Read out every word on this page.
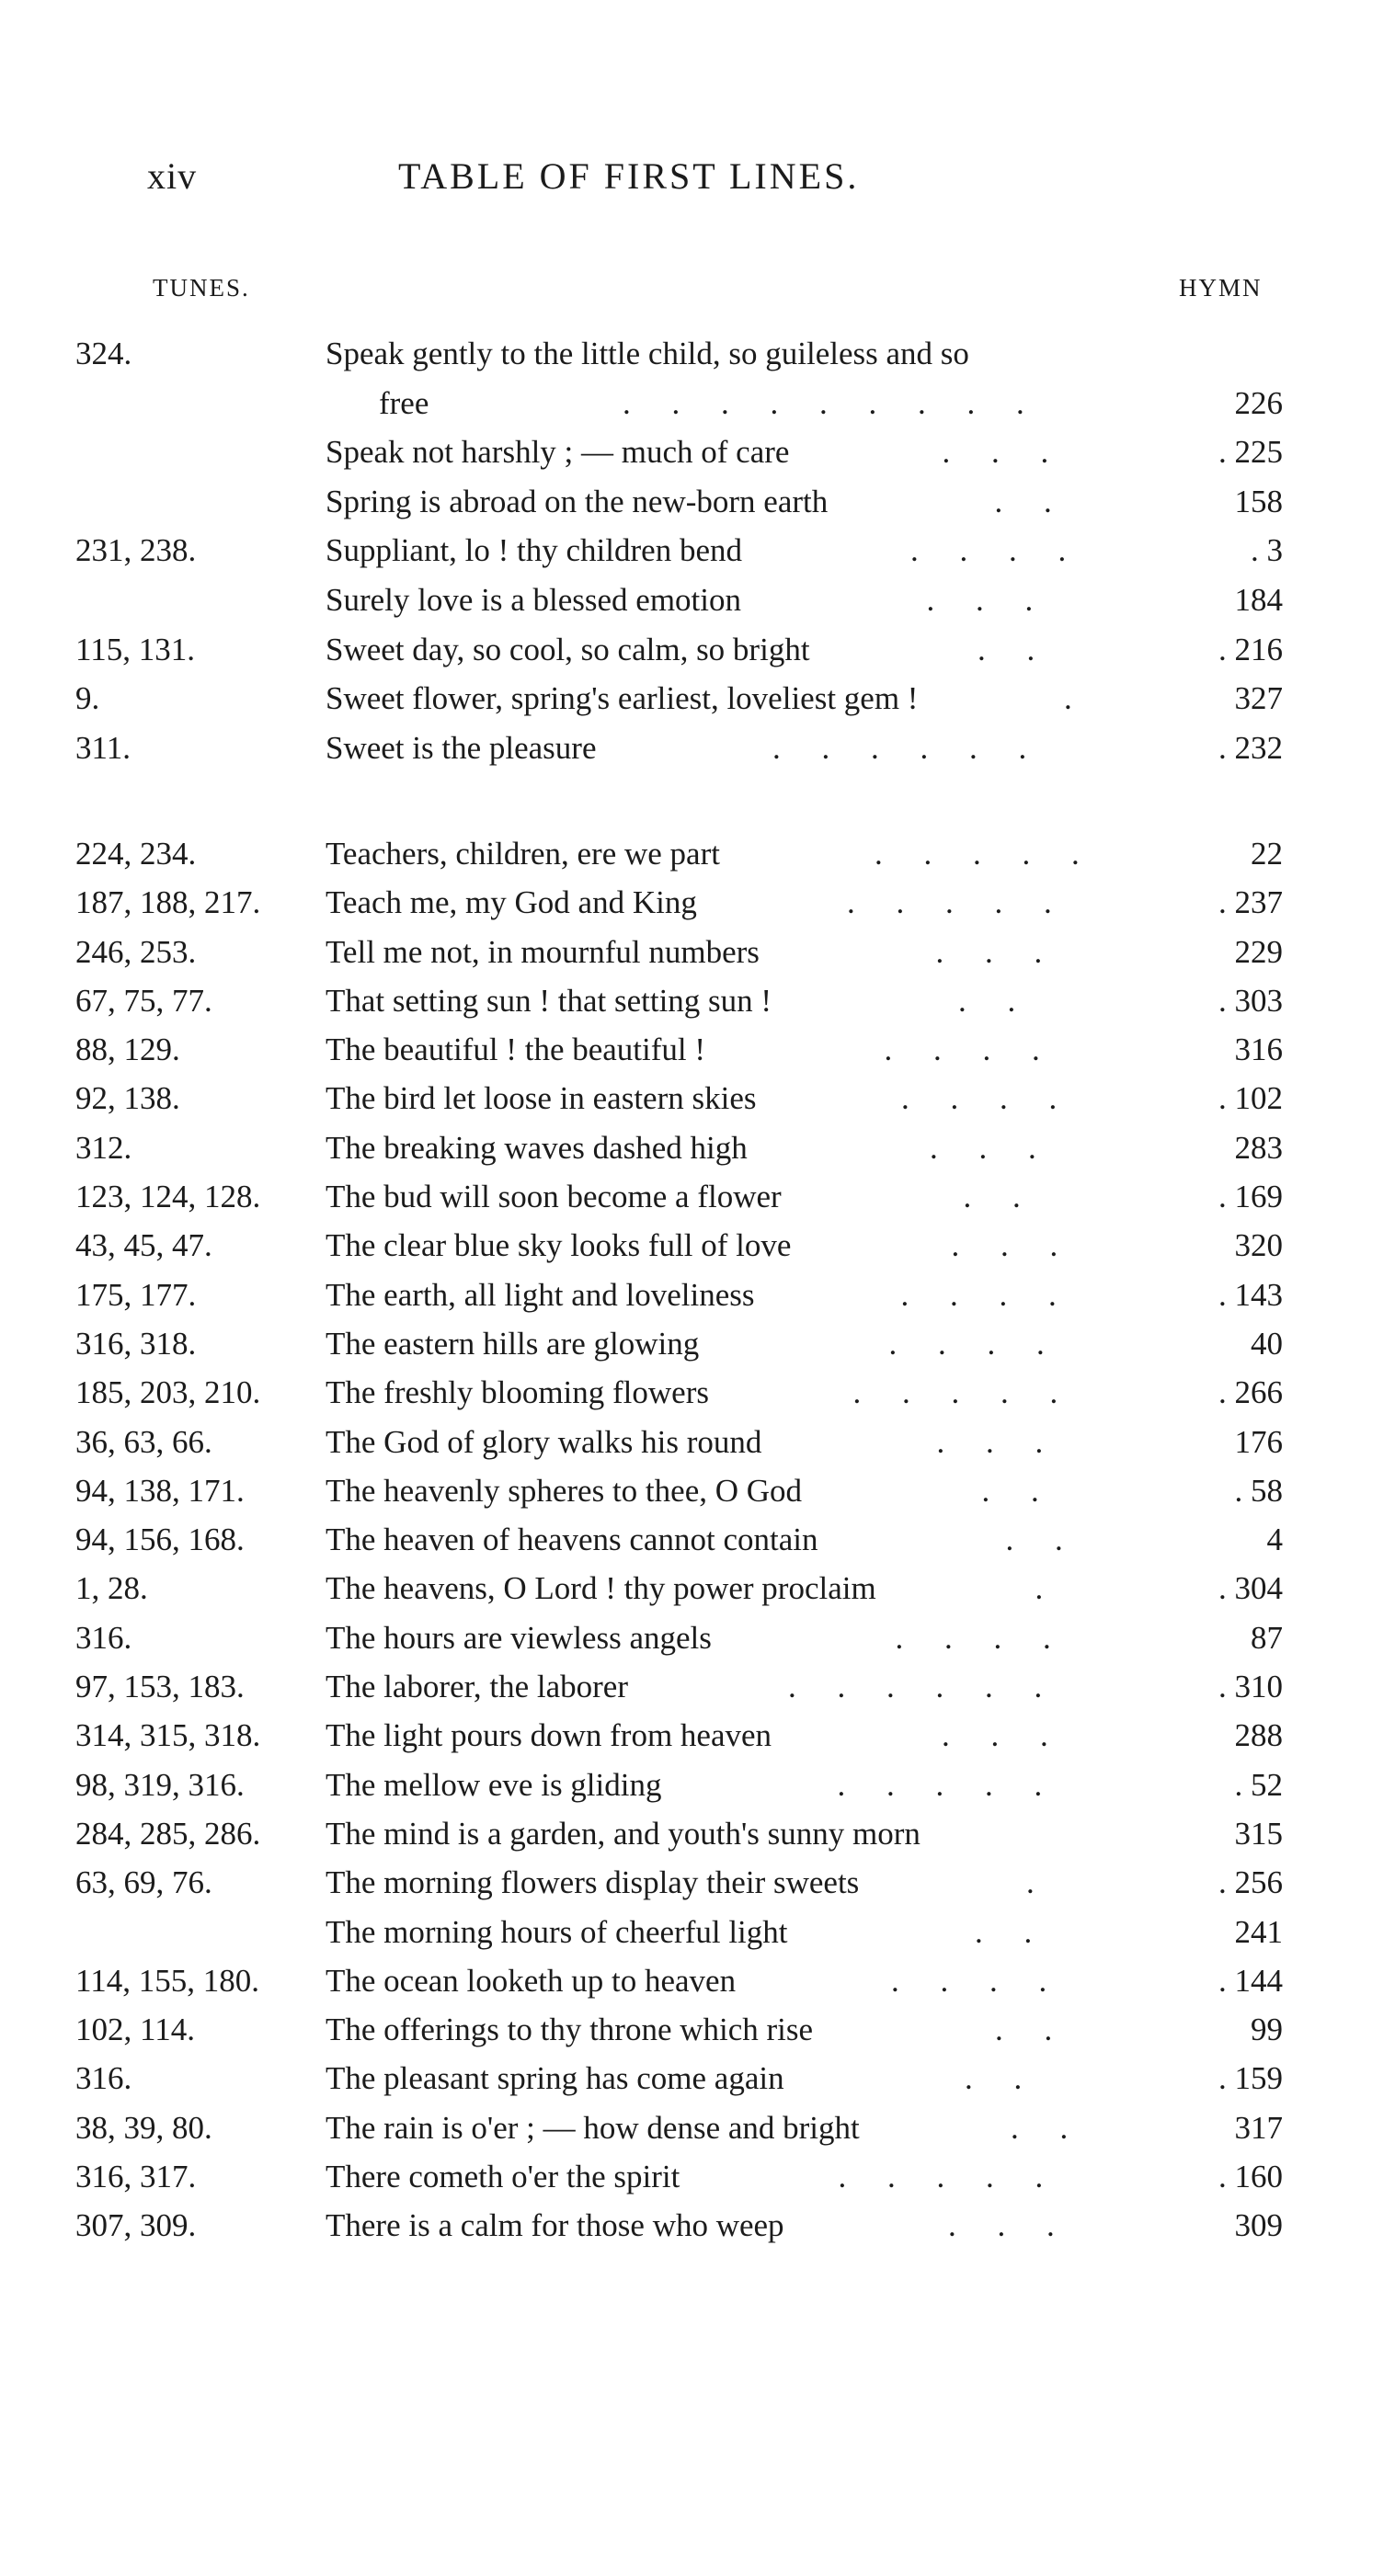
xiv	TABLE OF FIRST LINES.
TUNES.	HYMN
324.	Speak gently to the little child, so guileless and so
free	. . . . . . . . .	226
Speak not harshly ; — much of care	. . .	. 225
Spring is abroad on the new-born earth	. .	158
231, 238.	Suppliant, lo ! thy children bend	. . . .	. 3
Surely love is a blessed emotion	. . .	184
115, 131.	Sweet day, so cool, so calm, so bright	. .	. 216
9.	Sweet flower, spring's earliest, loveliest gem !	.	327
311.	Sweet is the pleasure	. . . . . .	. 232
224, 234.	Teachers, children, ere we part	. . . . .	22
187, 188, 217. Teach me, my God and King	. . . . .	. 237
246, 253.	Tell me not, in mournful numbers	. . .	229
67, 75, 77.	That setting sun ! that setting sun !	. .	. 303
88, 129.	The beautiful ! the beautiful !	. . . .	316
92, 138.	The bird let loose in eastern skies	. . . .	. 102
312.	The breaking waves dashed high	. . .	283
123, 124, 128. The bud will soon become a flower	. .	. 169
43, 45, 47.	The clear blue sky looks full of love	. . .	320
175, 177.	The earth, all light and loveliness	. . . .	. 143
316, 318.	The eastern hills are glowing	. . . .	40
185, 203, 210. The freshly blooming flowers	. . . . .	. 266
36, 63, 66.	The God of glory walks his round	. . .	176
94, 138, 171.	The heavenly spheres to thee, O God	. .	. 58
94, 156, 168.	The heaven of heavens cannot contain	. .	4
1, 28.	The heavens, O Lord ! thy power proclaim	.	. 304
316.	The hours are viewless angels	. . . .	87
97, 153, 183.	The laborer, the laborer	. . . . . .	. 310
314, 315, 318. The light pours down from heaven	. . .	288
98, 319, 316.	The mellow eve is gliding	. . . . .	. 52
284, 285, 286. The mind is a garden, and youth's sunny morn	315
63, 69, 76.	The morning flowers display their sweets	.	. 256
The morning hours of cheerful light	. .	241
114, 155, 180. The ocean looketh up to heaven	. . . .	. 144
102, 114.	The offerings to thy throne which rise	. .	99
316.	The pleasant spring has come again	. .	. 159
38, 39, 80.	The rain is o'er ; — how dense and bright	. .	317
316, 317.	There cometh o'er the spirit	. . . . .	. 160
307, 309.	There is a calm for those who weep	. . .	309
